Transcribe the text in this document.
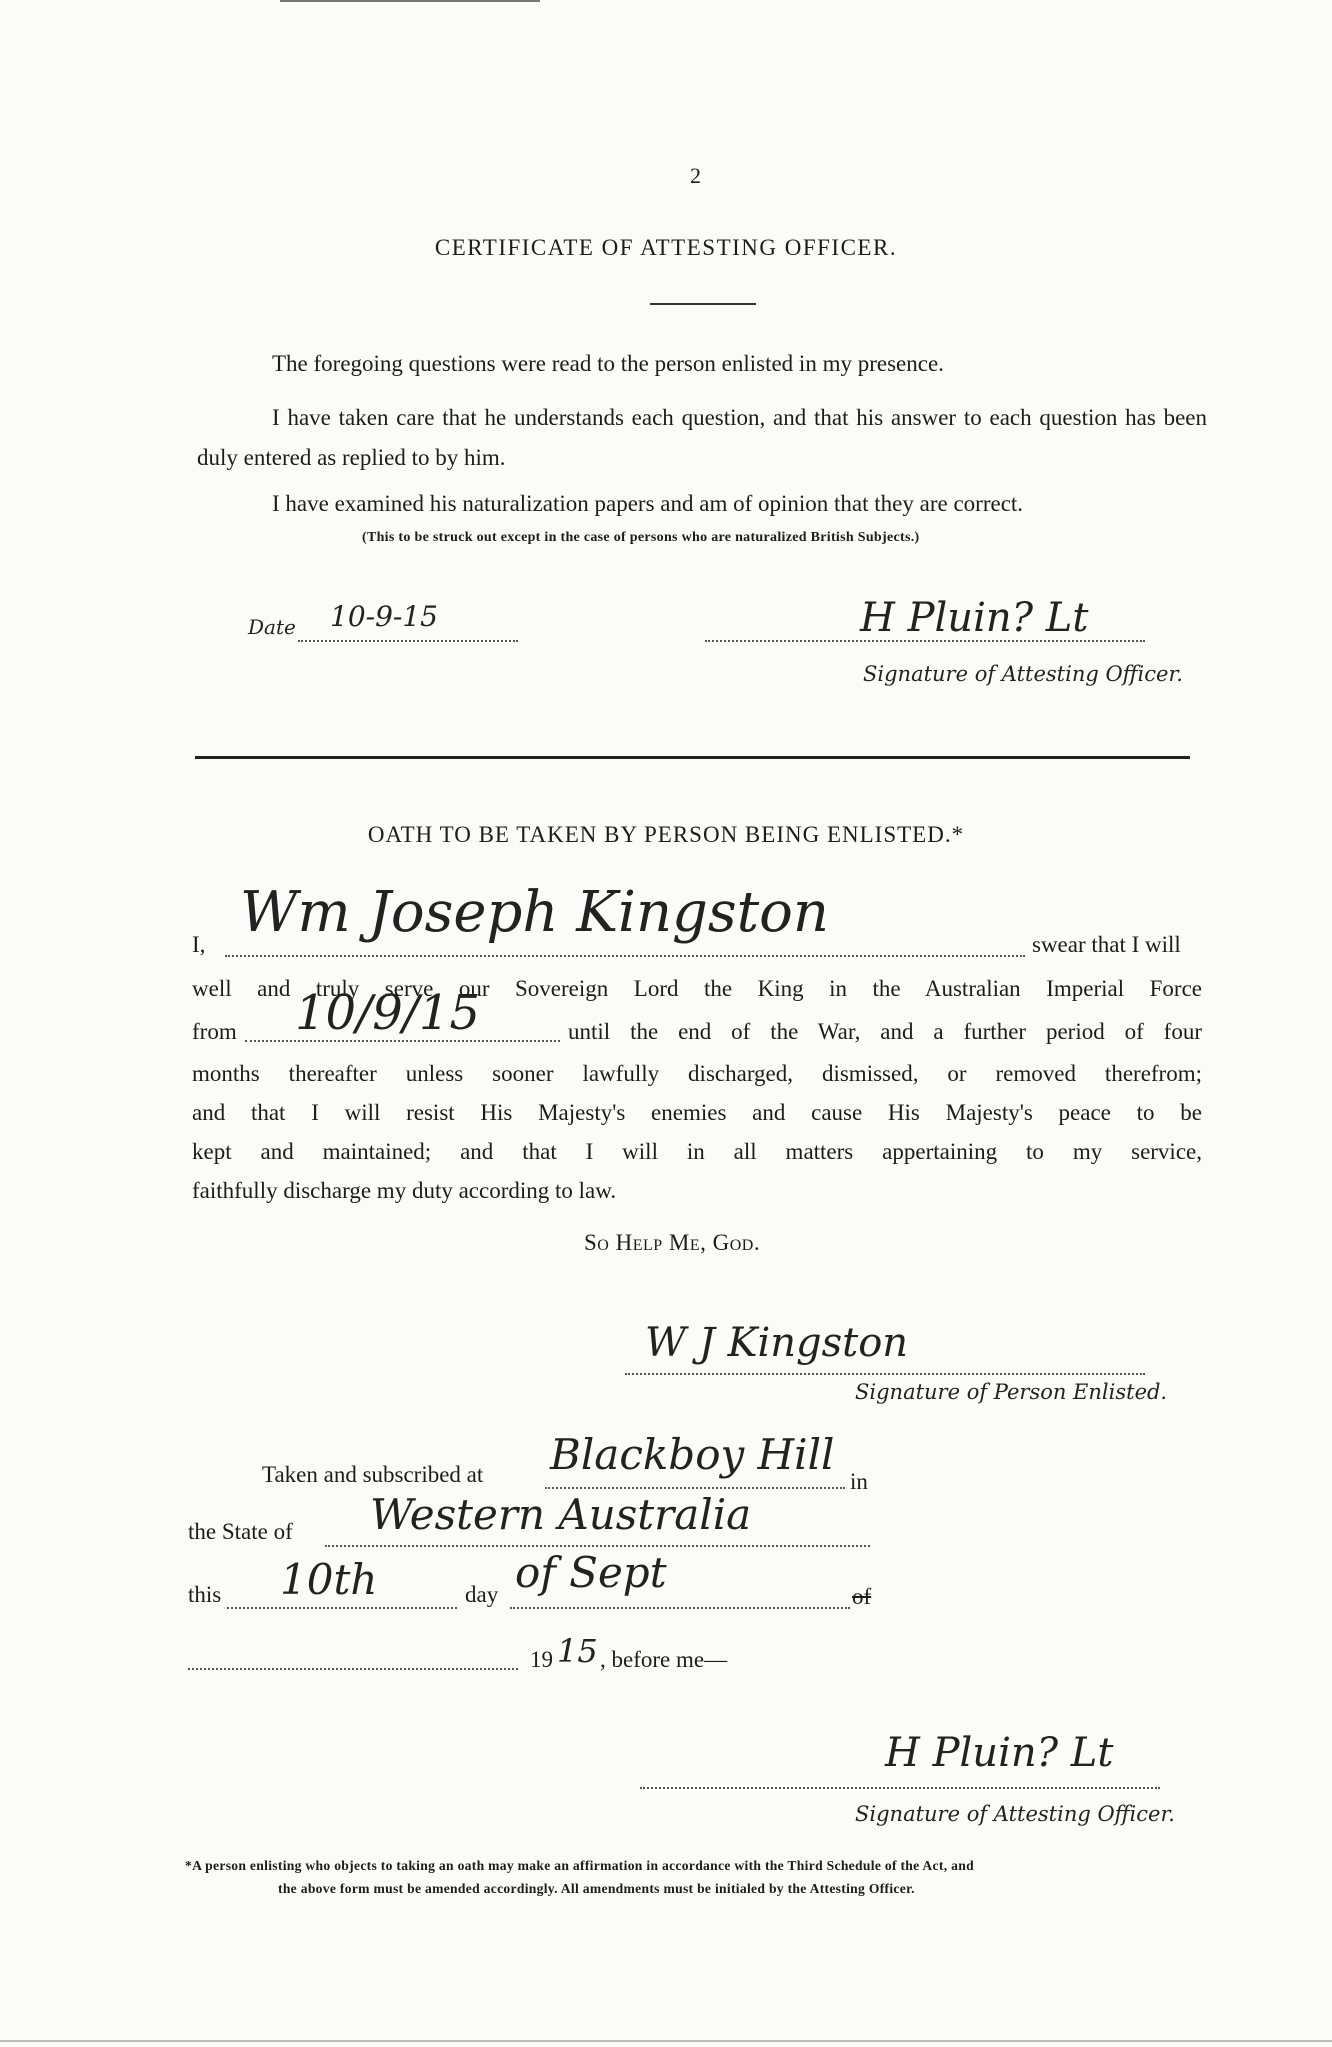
2
CERTIFICATE OF ATTESTING OFFICER.
The foregoing questions were read to the person enlisted in my presence.
I have taken care that he understands each question, and that his answer to each question has been duly entered as replied to by him.
I have examined his naturalization papers and am of opinion that they are correct.
(This to be struck out except in the case of persons who are naturalized British Subjects.)
Date 10-9-15	H Pluin? Lt
Signature of Attesting Officer.
OATH TO BE TAKEN BY PERSON BEING ENLISTED.*
I, Wm Joseph Kingston	swear that I will
well and truly serve our Sovereign Lord the King in the Australian Imperial Force
from 10/9/15	until the end of the War, and a further period of four
months thereafter unless sooner lawfully discharged, dismissed, or removed therefrom;
and that I will resist His Majesty's enemies and cause His Majesty's peace to be
kept and maintained; and that I will in all matters appertaining to my service,
faithfully discharge my duty according to law.
So Help Me, God.
W J Kingston
Signature of Person Enlisted.
Taken and subscribed at Blackboy Hill
in
the State of Western Australia
this 10th	day of Sept	of
19 15 , before me—
H Pluin? Lt
Signature of Attesting Officer.
*A person enlisting who objects to taking an oath may make an affirmation in accordance with the Third Schedule of the Act, and
the above form must be amended accordingly. All amendments must be initialed by the Attesting Officer.
